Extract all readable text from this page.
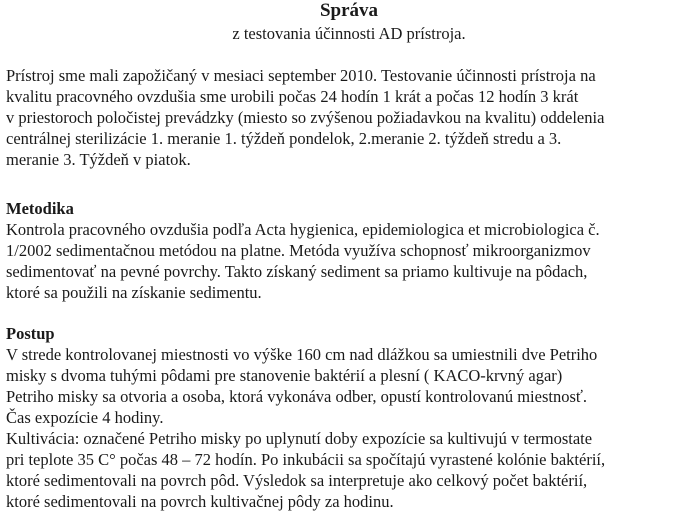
Správa
z testovania účinnosti AD prístroja.
Prístroj sme mali zapožičaný v mesiaci september 2010. Testovanie účinnosti prístroja na
kvalitu pracovného ovzdušia sme urobili počas 24 hodín 1 krát a počas 12 hodín 3 krát
v priestoroch poločistej prevádzky (miesto so zvýšenou požiadavkou na kvalitu) oddelenia
centrálnej sterilizácie 1. meranie 1. týždeň pondelok, 2.meranie 2. týždeň stredu a 3.
meranie 3. Týždeň v piatok.
Metodika
Kontrola pracovného ovzdušia podľa Acta hygienica, epidemiologica et microbiologica č.
1/2002 sedimentačnou metódou na platne. Metóda využíva schopnosť mikroorganizmov
sedimentovať na pevné povrchy. Takto získaný sediment sa priamo kultivuje na pôdach,
ktoré sa použili na získanie sedimentu.
Postup
V strede kontrolovanej miestnosti vo výške 160 cm nad dlážkou sa umiestnili dve Petriho
misky s dvoma tuhými pôdami pre stanovenie baktérií a plesní ( KACO-krvný agar)
Petriho misky sa otvoria a osoba, ktorá vykonáva odber, opustí kontrolovanú miestnosť.
Čas expozície 4 hodiny.
Kultivácia: označené Petriho misky po uplynutí doby expozície sa kultivujú v termostate
pri teplote 35 C° počas 48 – 72 hodín. Po inkubácii sa spočítajú vyrastené kolónie baktérií,
ktoré sedimentovali na povrch pôd. Výsledok sa interpretuje ako celkový počet baktérií,
ktoré sedimentovali na povrch kultivačnej pôdy za hodinu.
